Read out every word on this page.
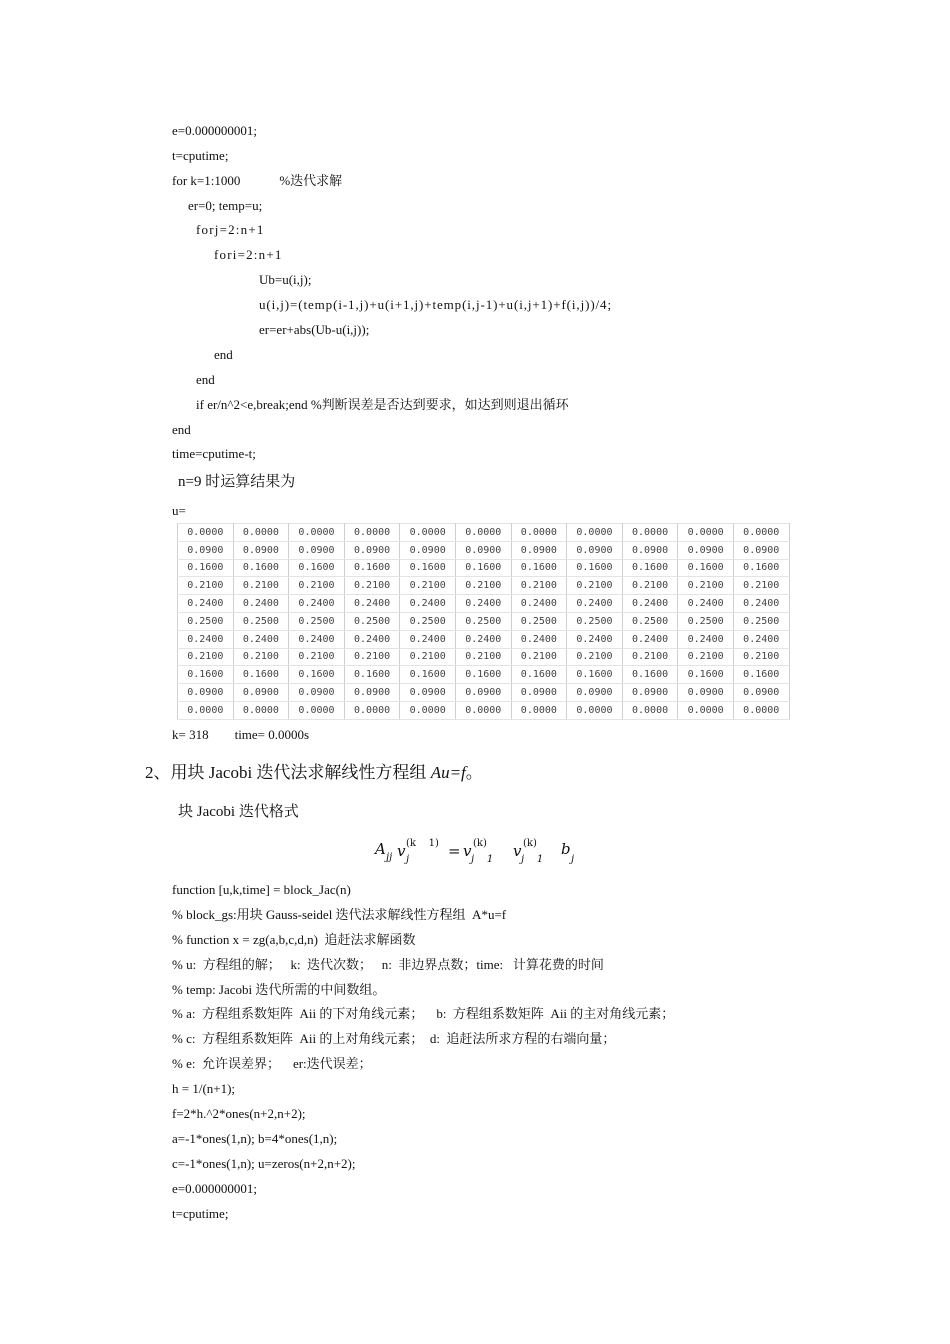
e=0.000000001;
t=cputime;
for k=1:1000            %迭代求解
er=0; temp=u;
forj=2:n+1
fori=2:n+1
Ub=u(i,j);
u(i,j)=(temp(i-1,j)+u(i+1,j)+temp(i,j-1)+u(i,j+1)+f(i,j))/4;
er=er+abs(Ub-u(i,j));
end
end
if er/n^2<e,break;end %判断误差是否达到要求，如达到则退出循环
end
time=cputime-t;
n=9 时运算结果为
u=
0.0000	0.0000	0.0000	0.0000	0.0000	0.0000	0.0000	0.0000	0.0000	0.0000	0.0000
0.0900	0.0900	0.0900	0.0900	0.0900	0.0900	0.0900	0.0900	0.0900	0.0900	0.0900
0.1600	0.1600	0.1600	0.1600	0.1600	0.1600	0.1600	0.1600	0.1600	0.1600	0.1600
0.2100	0.2100	0.2100	0.2100	0.2100	0.2100	0.2100	0.2100	0.2100	0.2100	0.2100
0.2400	0.2400	0.2400	0.2400	0.2400	0.2400	0.2400	0.2400	0.2400	0.2400	0.2400
0.2500	0.2500	0.2500	0.2500	0.2500	0.2500	0.2500	0.2500	0.2500	0.2500	0.2500
0.2400	0.2400	0.2400	0.2400	0.2400	0.2400	0.2400	0.2400	0.2400	0.2400	0.2400
0.2100	0.2100	0.2100	0.2100	0.2100	0.2100	0.2100	0.2100	0.2100	0.2100	0.2100
0.1600	0.1600	0.1600	0.1600	0.1600	0.1600	0.1600	0.1600	0.1600	0.1600	0.1600
0.0900	0.0900	0.0900	0.0900	0.0900	0.0900	0.0900	0.0900	0.0900	0.0900	0.0900
0.0000	0.0000	0.0000	0.0000	0.0000	0.0000	0.0000	0.0000	0.0000	0.0000	0.0000
k= 318        time= 0.0000s
2、用块 Jacobi 迭代法求解线性方程组 Au=f。
块 Jacobi 迭代格式
A jj v (k    1)
j	= v (k)
j    1 v (k)
j    1
b
j
function [u,k,time] = block_Jac(n)
% block_gs:用块 Gauss-seidel 迭代法求解线性方程组  A*u=f
% function x = zg(a,b,c,d,n)  追赶法求解函数
% u:  方程组的解；   k:  迭代次数；   n:  非边界点数；time:   计算花费的时间
% temp: Jacobi 迭代所需的中间数组。
% a:  方程组系数矩阵  Aii 的下对角线元素；    b:  方程组系数矩阵  Aii 的主对角线元素；
% c:  方程组系数矩阵  Aii 的上对角线元素；  d:  追赶法所求方程的右端向量；
% e:  允许误差界；    er:迭代误差；
h = 1/(n+1);
f=2*h.^2*ones(n+2,n+2);
a=-1*ones(1,n); b=4*ones(1,n);
c=-1*ones(1,n); u=zeros(n+2,n+2);
e=0.000000001;
t=cputime;
